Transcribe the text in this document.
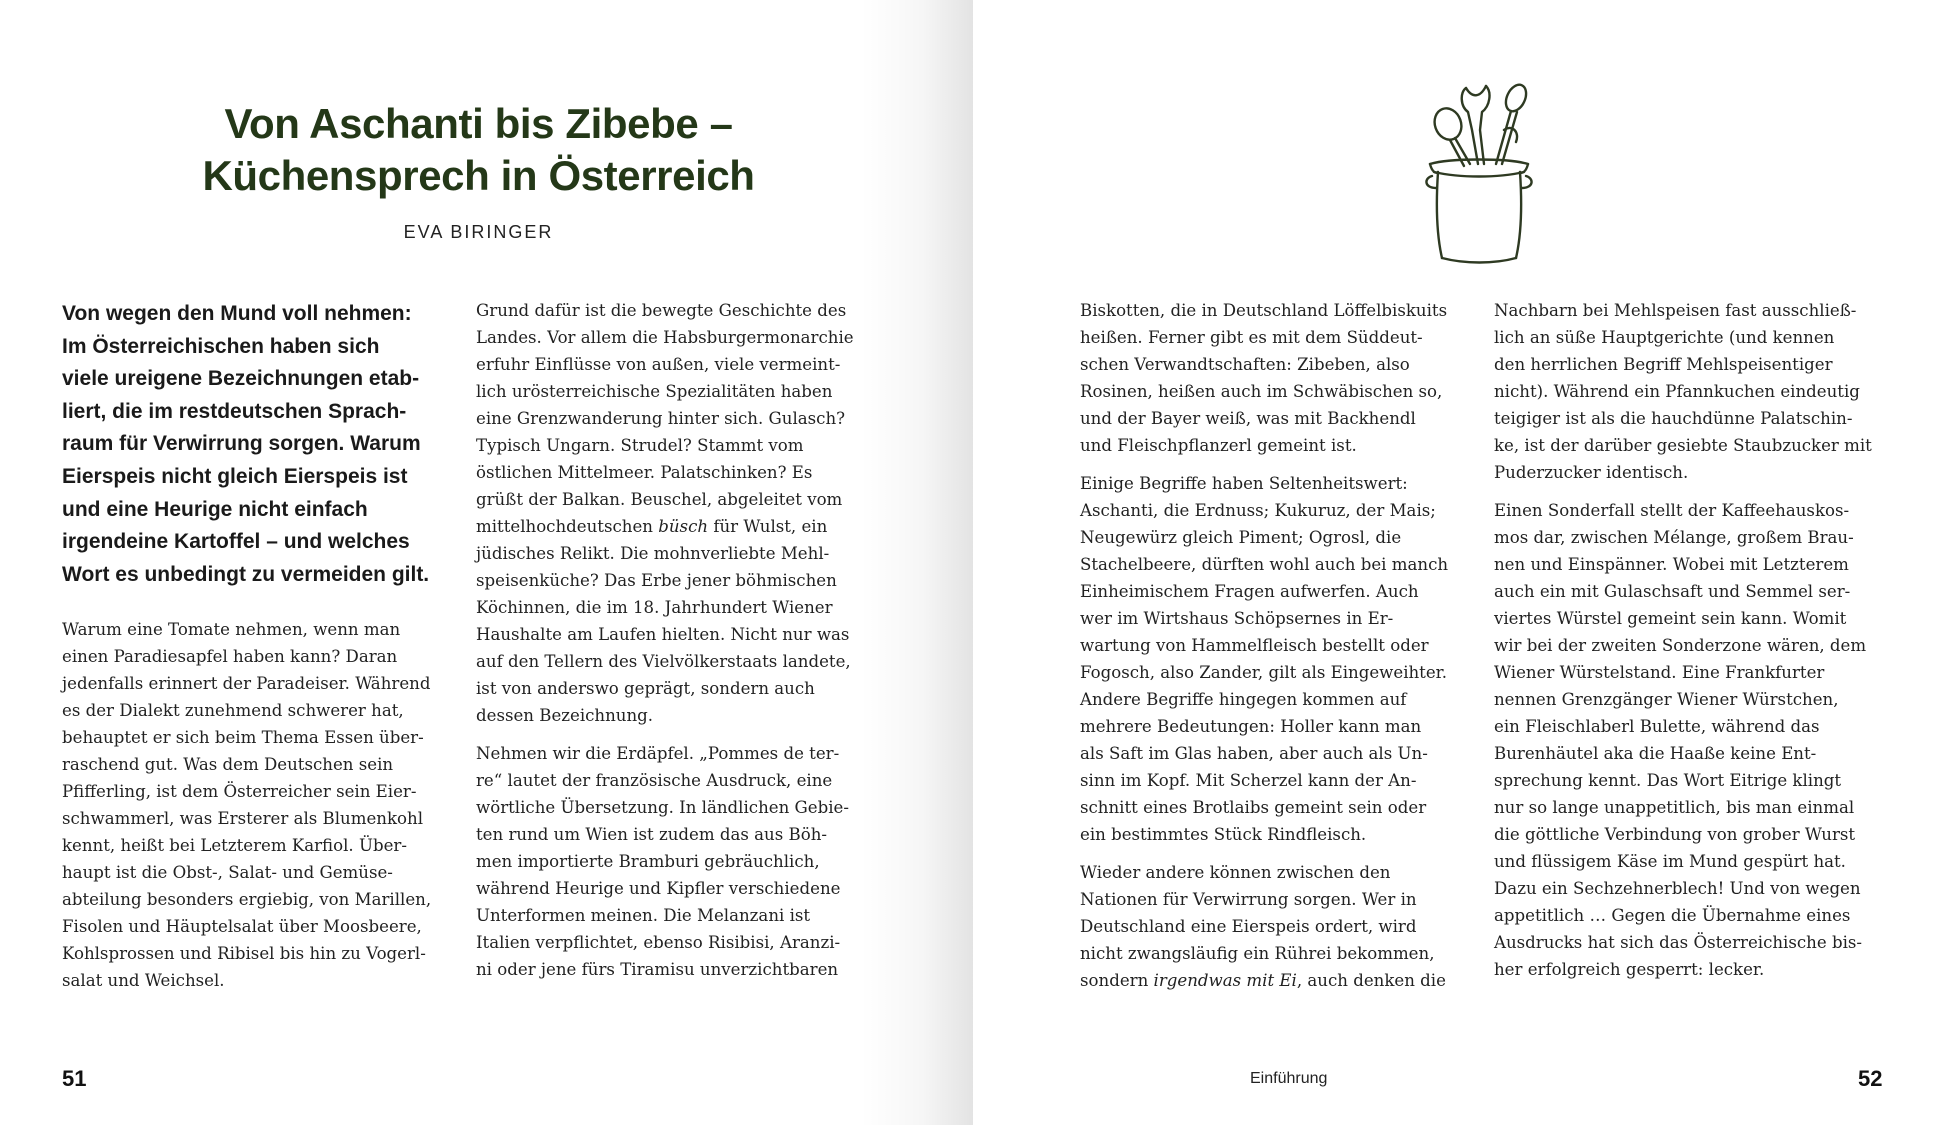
Von Aschanti bis Zibebe –
Küchensprech in Österreich
EVA BIRINGER

Von wegen den Mund voll nehmen:
Im Österreichischen haben sich
viele ureigene Bezeichnungen etab-
liert, die im restdeutschen Sprach-
raum für Verwirrung sorgen. Warum
Eierspeis nicht gleich Eierspeis ist
und eine Heurige nicht einfach
irgendeine Kartoffel – und welches
Wort es unbedingt zu vermeiden gilt.

Warum eine Tomate nehmen, wenn man
einen Paradiesapfel haben kann? Daran
jedenfalls erinnert der Paradeiser. Während
es der Dialekt zunehmend schwerer hat,
behauptet er sich beim Thema Essen über-
raschend gut. Was dem Deutschen sein
Pfifferling, ist dem Österreicher sein Eier-
schwammerl, was Ersterer als Blumenkohl
kennt, heißt bei Letzterem Karfiol. Über-
haupt ist die Obst-, Salat- und Gemüse-
abteilung besonders ergiebig, von Marillen,
Fisolen und Häuptelsalat über Moosbeere,
Kohlsprossen und Ribisel bis hin zu Vogerl-
salat und Weichsel.

Grund dafür ist die bewegte Geschichte des
Landes. Vor allem die Habsburgermonarchie
erfuhr Einflüsse von außen, viele vermeint-
lich urösterreichische Spezialitäten haben
eine Grenzwanderung hinter sich. Gulasch?
Typisch Ungarn. Strudel? Stammt vom
östlichen Mittelmeer. Palatschinken? Es
grüßt der Balkan. Beuschel, abgeleitet vom
mittelhochdeutschen büsch für Wulst, ein
jüdisches Relikt. Die mohnverliebte Mehl-
speisenküche? Das Erbe jener böhmischen
Köchinnen, die im 18. Jahrhundert Wiener
Haushalte am Laufen hielten. Nicht nur was
auf den Tellern des Vielvölkerstaats landete,
ist von anderswo geprägt, sondern auch
dessen Bezeichnung.

Nehmen wir die Erdäpfel. „Pommes de ter-
re“ lautet der französische Ausdruck, eine
wörtliche Übersetzung. In ländlichen Gebie-
ten rund um Wien ist zudem das aus Böh-
men importierte Bramburi gebräuchlich,
während Heurige und Kipfler verschiedene
Unterformen meinen. Die Melanzani ist
Italien verpflichtet, ebenso Risibisi, Aranzi-
ni oder jene fürs Tiramisu unverzichtbaren

51

Biskotten, die in Deutschland Löffelbiskuits
heißen. Ferner gibt es mit dem Süddeut-
schen Verwandtschaften: Zibeben, also
Rosinen, heißen auch im Schwäbischen so,
und der Bayer weiß, was mit Backhendl
und Fleischpflanzerl gemeint ist.

Einige Begriffe haben Seltenheitswert:
Aschanti, die Erdnuss; Kukuruz, der Mais;
Neugewürz gleich Piment; Ogrosl, die
Stachelbeere, dürften wohl auch bei manch
Einheimischem Fragen aufwerfen. Auch
wer im Wirtshaus Schöpsernes in Er-
wartung von Hammelfleisch bestellt oder
Fogosch, also Zander, gilt als Eingeweihter.
Andere Begriffe hingegen kommen auf
mehrere Bedeutungen: Holler kann man
als Saft im Glas haben, aber auch als Un-
sinn im Kopf. Mit Scherzel kann der An-
schnitt eines Brotlaibs gemeint sein oder
ein bestimmtes Stück Rindfleisch.

Wieder andere können zwischen den
Nationen für Verwirrung sorgen. Wer in
Deutschland eine Eierspeis ordert, wird
nicht zwangsläufig ein Rührei bekommen,
sondern irgendwas mit Ei, auch denken die

Nachbarn bei Mehlspeisen fast ausschließ-
lich an süße Hauptgerichte (und kennen
den herrlichen Begriff Mehlspeisentiger
nicht). Während ein Pfannkuchen eindeutig
teigiger ist als die hauchdünne Palatschin-
ke, ist der darüber gesiebte Staubzucker mit
Puderzucker identisch.

Einen Sonderfall stellt der Kaffeehauskos-
mos dar, zwischen Mélange, großem Brau-
nen und Einspänner. Wobei mit Letzterem
auch ein mit Gulaschsaft und Semmel ser-
viertes Würstel gemeint sein kann. Womit
wir bei der zweiten Sonderzone wären, dem
Wiener Würstelstand. Eine Frankfurter
nennen Grenzgänger Wiener Würstchen,
ein Fleischlaberl Bulette, während das
Burenhäutel aka die Haaße keine Ent-
sprechung kennt. Das Wort Eitrige klingt
nur so lange unappetitlich, bis man einmal
die göttliche Verbindung von grober Wurst
und flüssigem Käse im Mund gespürt hat.
Dazu ein Sechzehnerblech! Und von wegen
appetitlich … Gegen die Übernahme eines
Ausdrucks hat sich das Österreichische bis-
her erfolgreich gesperrt: lecker.

Einführung	52
